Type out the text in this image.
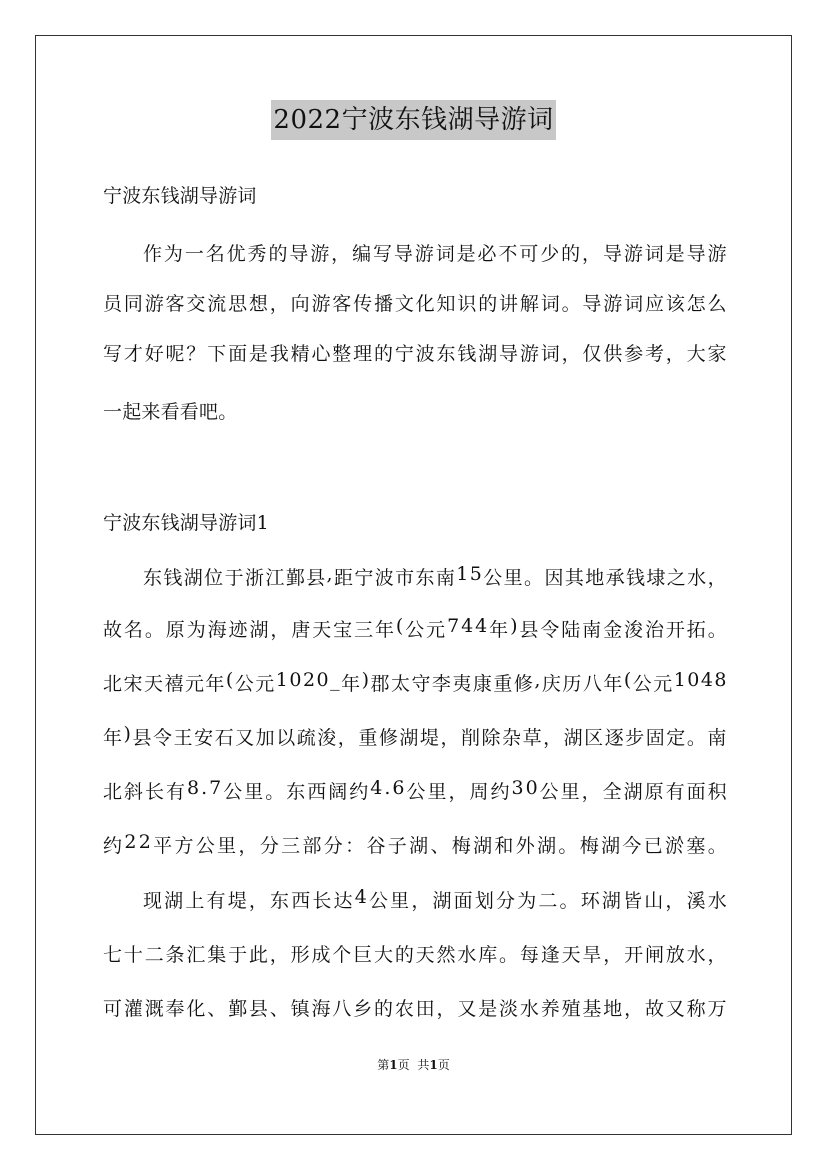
2022宁波东钱湖导游词
宁波东钱湖导游词
作 为 一 名 优 秀 的 导 游 ， 编 写 导 游 词 是 必 不 可 少 的 ， 导 游 词 是 导 游
员 同 游 客 交 流 思 想 ， 向 游 客 传 播 文 化 知 识 的 讲 解 词 。 导 游 词 应 该 怎 么
写 才 好 呢 ？ 下 面 是 我 精 心 整 理 的 宁 波 东 钱 湖 导 游 词 ， 仅 供 参 考 ， 大 家
一起来看看吧。
宁波东钱湖导游词1
东 钱 湖 位 于 浙 江 鄞 县 , 距 宁 波 市 东 南 1 5 公 里 。 因 其 地 承 钱 埭 之 水 ，
故 名 。 原 为 海 迹 湖 ， 唐 天 宝 三 年 ( 公 元 7 4 4 年 ) 县 令 陆 南 金 浚 治 开 拓 。
北 宋 天 禧 元 年 ( 公 元 1 0 2 0 _ 年 ) 郡 太 守 李 夷 康 重 修 , 庆 历 八 年 ( 公 元 1 0 4 8
年 ) 县 令 王 安 石 又 加 以 疏 浚 ， 重 修 湖 堤 ， 削 除 杂 草 ， 湖 区 逐 步 固 定 。 南
北 斜 长 有 8 . 7 公 里 。 东 西 阔 约 4 . 6 公 里 ， 周 约 3 0 公 里 ， 全 湖 原 有 面 积
约 2 2 平 方 公 里 ， 分 三 部 分 ： 谷 子 湖 、 梅 湖 和 外 湖 。 梅 湖 今 已 淤 塞 。
现 湖 上 有 堤 ， 东 西 长 达 4 公 里 ， 湖 面 划 分 为 二 。 环 湖 皆 山 ， 溪 水
七 十 二 条 汇 集 于 此 ， 形 成 个 巨 大 的 天 然 水 库 。 每 逢 天 旱 ， 开 闸 放 水 ，
可 灌 溉 奉 化 、 鄞 县 、 镇 海 八 乡 的 农 田 ， 又 是 淡 水 养 殖 基 地 ， 故 又 称 万
第1页 共1页
